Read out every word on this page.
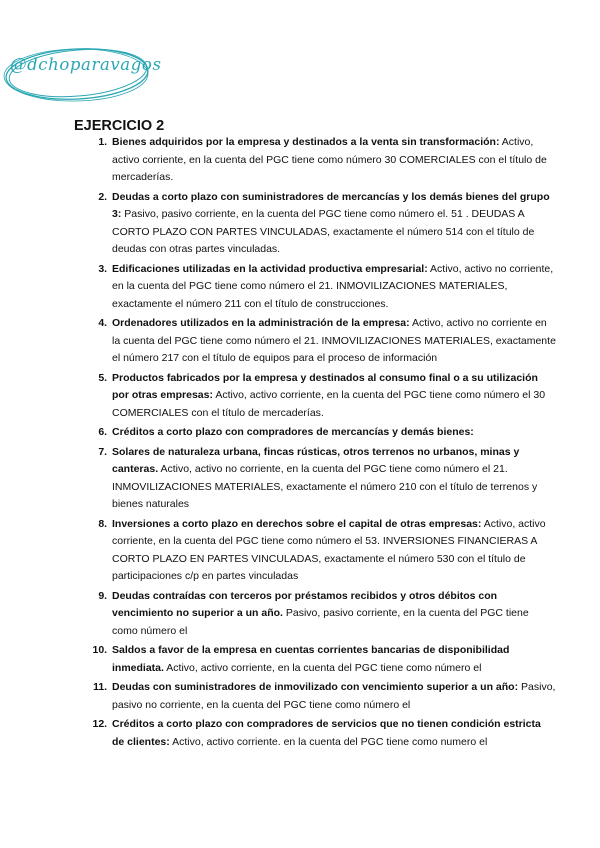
@dchoparavagos
EJERCICIO 2
1. Bienes adquiridos por la empresa y destinados a la venta sin transformación: Activo, activo corriente, en la cuenta del PGC tiene como número 30 COMERCIALES con el título de mercaderías.
2. Deudas a corto plazo con suministradores de mercancías y los demás bienes del grupo 3: Pasivo, pasivo corriente, en la cuenta del PGC tiene como número el. 51 . DEUDAS A CORTO PLAZO CON PARTES VINCULADAS, exactamente el número 514 con el título de deudas con otras partes vinculadas.
3. Edificaciones utilizadas en la actividad productiva empresarial: Activo, activo no corriente, en la cuenta del PGC tiene como número el 21. INMOVILIZACIONES MATERIALES, exactamente el número 211 con el título de construcciones.
4. Ordenadores utilizados en la administración de la empresa: Activo, activo no corriente en la cuenta del PGC tiene como número el 21. INMOVILIZACIONES MATERIALES, exactamente el número 217 con el título de equipos para el proceso de información
5. Productos fabricados por la empresa y destinados al consumo final o a su utilización por otras empresas: Activo, activo corriente, en la cuenta del PGC tiene como número el 30 COMERCIALES con el título de mercaderías.
6. Créditos a corto plazo con compradores de mercancías y demás bienes:
7. Solares de naturaleza urbana, fincas rústicas, otros terrenos no urbanos, minas y canteras. Activo, activo no corriente, en la cuenta del PGC tiene como número el 21. INMOVILIZACIONES MATERIALES, exactamente el número 210 con el título de terrenos y bienes naturales
8. Inversiones a corto plazo en derechos sobre el capital de otras empresas: Activo, activo corriente, en la cuenta del PGC tiene como número el 53. INVERSIONES FINANCIERAS A CORTO PLAZO EN PARTES VINCULADAS, exactamente el número 530 con el título de participaciones c/p en partes vinculadas
9. Deudas contraídas con terceros por préstamos recibidos y otros débitos con vencimiento no superior a un año. Pasivo, pasivo corriente, en la cuenta del PGC tiene como número el
10. Saldos a favor de la empresa en cuentas corrientes bancarias de disponibilidad inmediata. Activo, activo corriente, en la cuenta del PGC tiene como número el
11. Deudas con suministradores de inmovilizado con vencimiento superior a un año: Pasivo, pasivo no corriente, en la cuenta del PGC tiene como número el
12. Créditos a corto plazo con compradores de servicios que no tienen condición estricta de clientes: Activo, activo corriente. en la cuenta del PGC tiene como numero el
